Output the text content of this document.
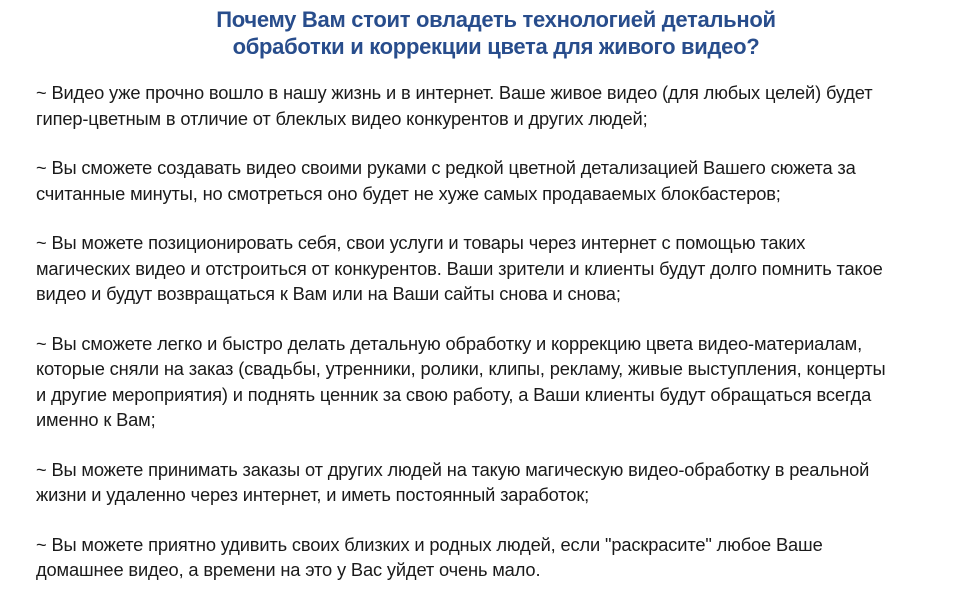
Почему Вам стоит овладеть технологией детальной
обработки и коррекции цвета для живого видео?

~ Видео уже прочно вошло в нашу жизнь и в интернет. Ваше живое видео (для любых целей) будет
гипер-цветным в отличие от блеклых видео конкурентов и других людей;

~ Вы сможете создавать видео своими руками с редкой цветной детализацией Вашего сюжета за
считанные минуты, но смотреться оно будет не хуже самых продаваемых блокбастеров;

~ Вы можете позиционировать себя, свои услуги и товары через интернет с помощью таких
магических видео и отстроиться от конкурентов. Ваши зрители и клиенты будут долго помнить такое
видео и будут возвращаться к Вам или на Ваши сайты снова и снова;

~ Вы сможете легко и быстро делать детальную обработку и коррекцию цвета видео-материалам,
которые сняли на заказ (свадьбы, утренники, ролики, клипы, рекламу, живые выступления, концерты
и другие мероприятия) и поднять ценник за свою работу, а Ваши клиенты будут обращаться всегда
именно к Вам;

~ Вы можете принимать заказы от других людей на такую магическую видео-обработку в реальной
жизни и удаленно через интернет, и иметь постоянный заработок;

~ Вы можете приятно удивить своих близких и родных людей, если "раскрасите" любое Ваше
домашнее видео, а времени на это у Вас уйдет очень мало.
